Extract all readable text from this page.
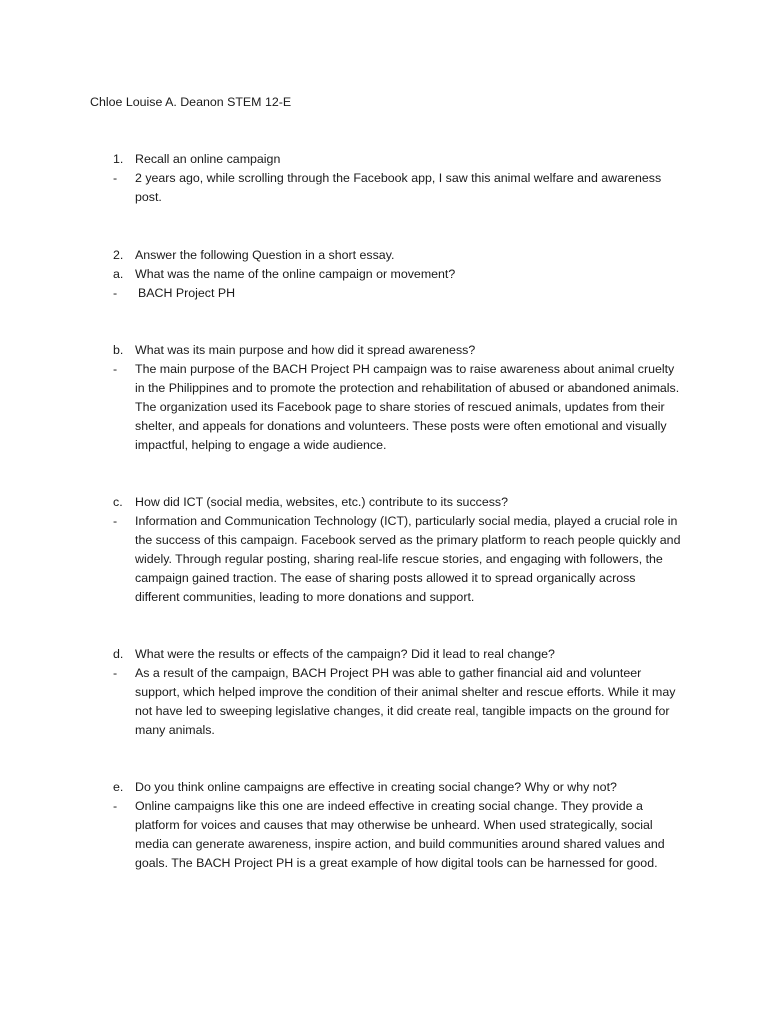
Chloe Louise A. Deanon STEM 12-E
1. Recall an online campaign
-	2 years ago, while scrolling through the Facebook app, I saw this animal welfare and awareness post.
2. Answer the following Question in a short essay.
a. What was the name of the online campaign or movement?
-	BACH Project PH
b. What was its main purpose and how did it spread awareness?
-	The main purpose of the BACH Project PH campaign was to raise awareness about animal cruelty in the Philippines and to promote the protection and rehabilitation of abused or abandoned animals. The organization used its Facebook page to share stories of rescued animals, updates from their shelter, and appeals for donations and volunteers. These posts were often emotional and visually impactful, helping to engage a wide audience.
c. How did ICT (social media, websites, etc.) contribute to its success?
-	Information and Communication Technology (ICT), particularly social media, played a crucial role in the success of this campaign. Facebook served as the primary platform to reach people quickly and widely. Through regular posting, sharing real-life rescue stories, and engaging with followers, the campaign gained traction. The ease of sharing posts allowed it to spread organically across different communities, leading to more donations and support.
d. What were the results or effects of the campaign? Did it lead to real change?
-	As a result of the campaign, BACH Project PH was able to gather financial aid and volunteer support, which helped improve the condition of their animal shelter and rescue efforts. While it may not have led to sweeping legislative changes, it did create real, tangible impacts on the ground for many animals.
e. Do you think online campaigns are effective in creating social change? Why or why not?
-	Online campaigns like this one are indeed effective in creating social change. They provide a platform for voices and causes that may otherwise be unheard. When used strategically, social media can generate awareness, inspire action, and build communities around shared values and goals. The BACH Project PH is a great example of how digital tools can be harnessed for good.
